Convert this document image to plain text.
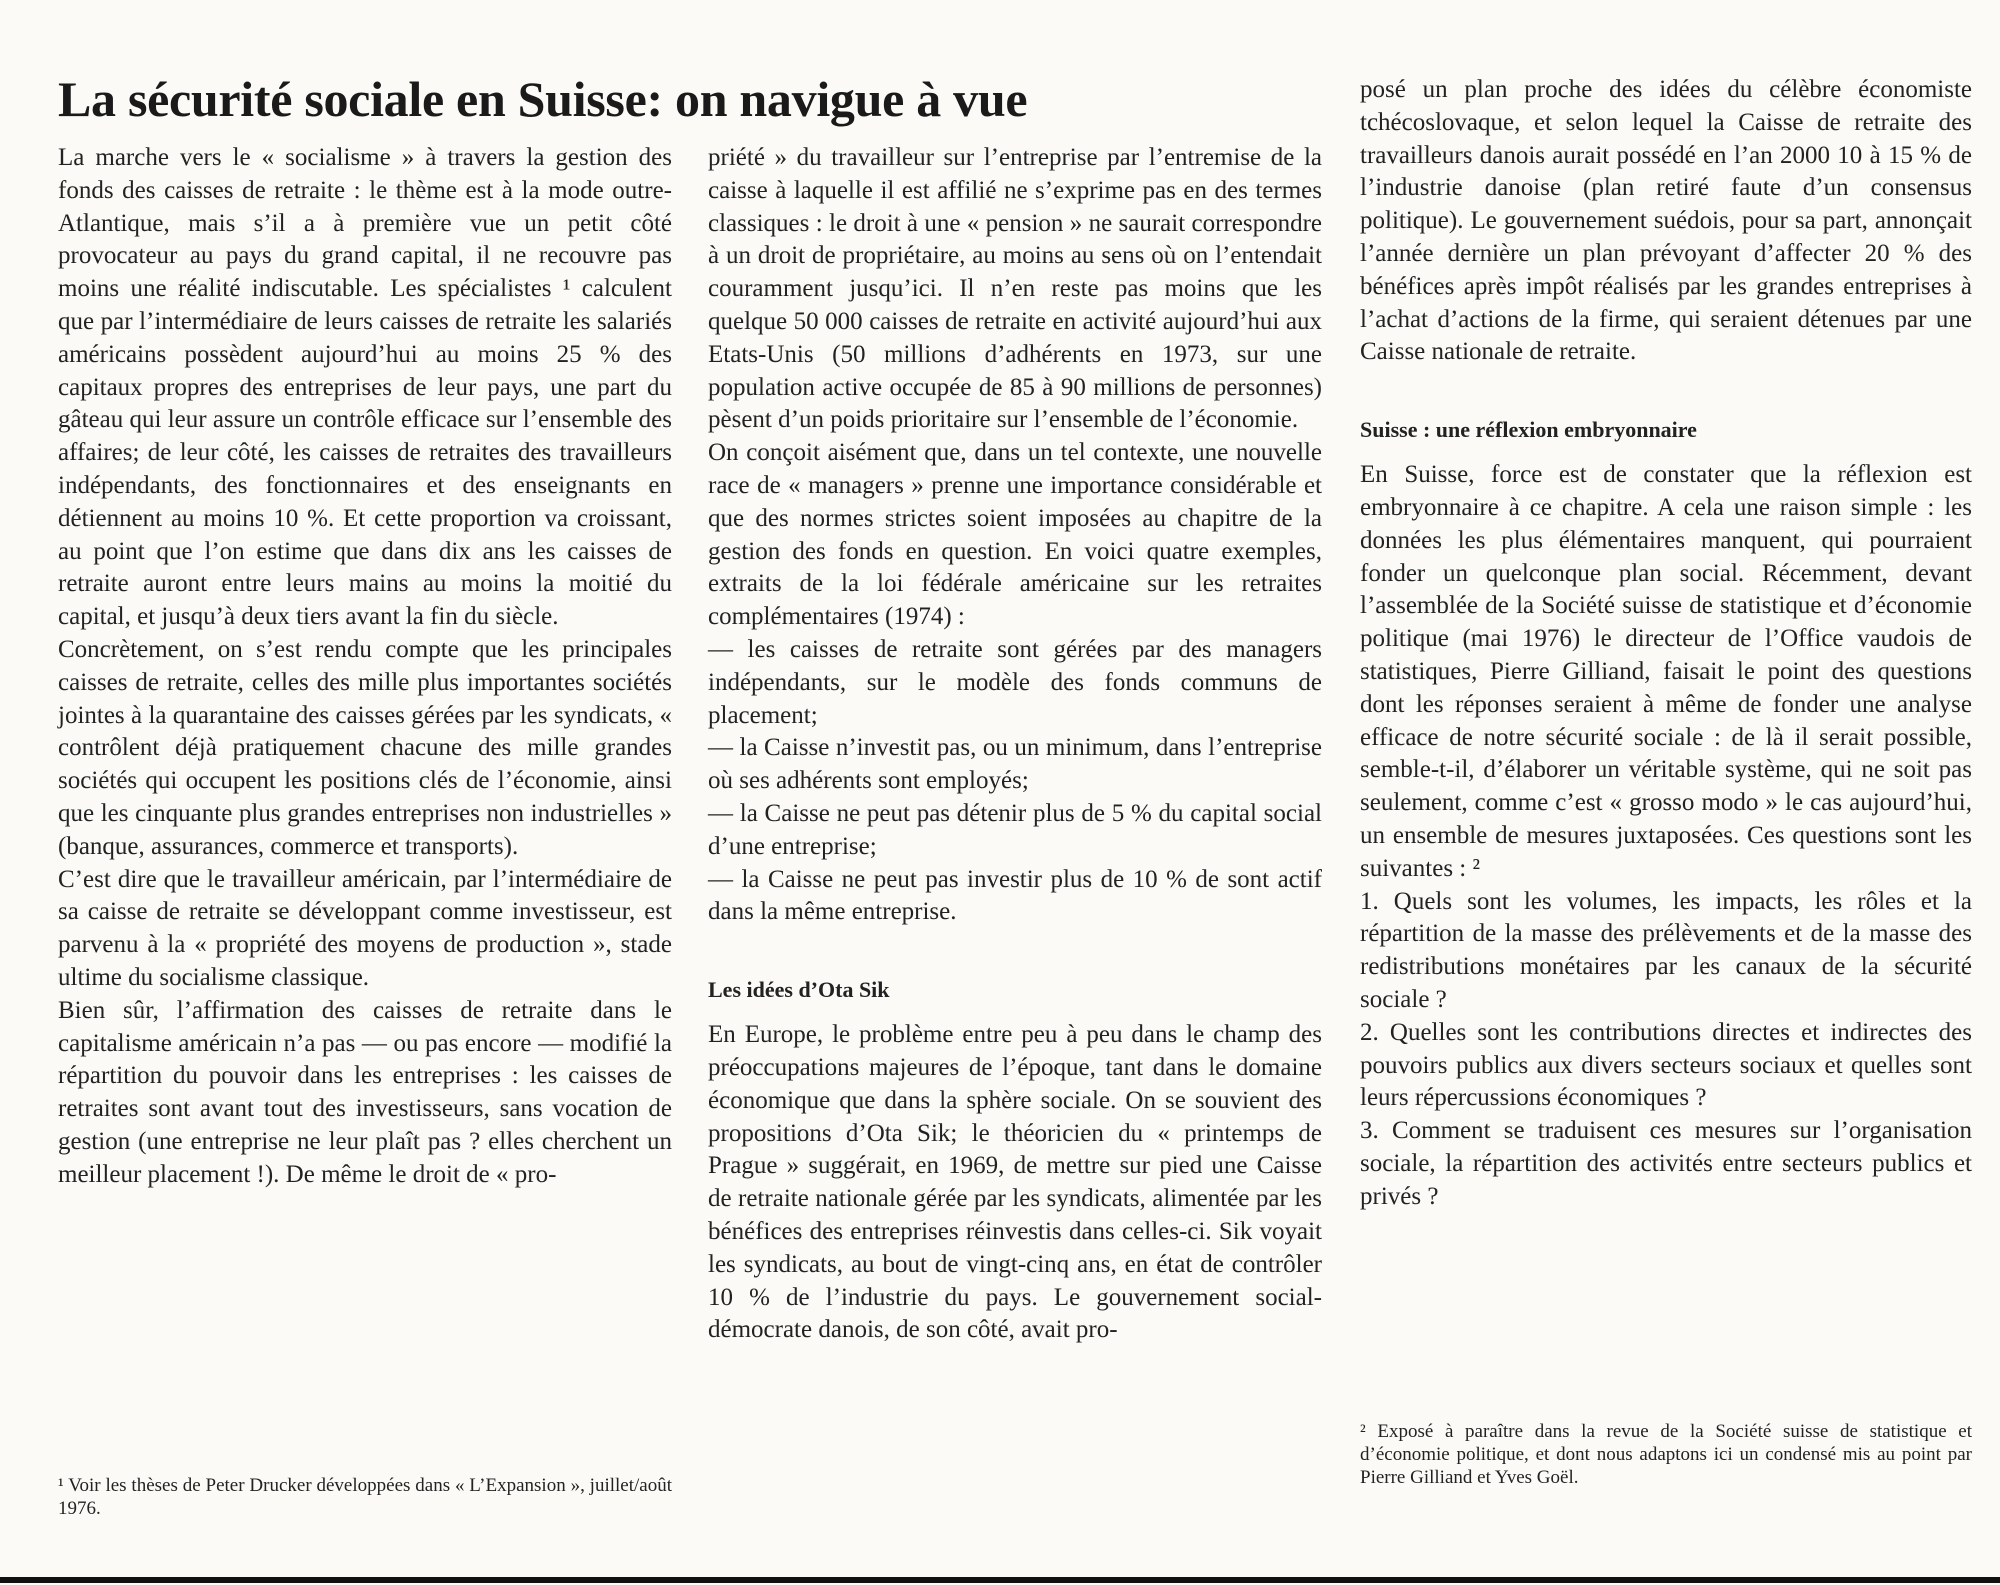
La sécurité sociale en Suisse: on navigue à vue

La marche vers le « socialisme » à travers la gestion des fonds des caisses de retraite : le thème est à la mode outre-Atlantique, mais s’il a à première vue un petit côté provocateur au pays du grand capital, il ne recouvre pas moins une réalité indiscutable. Les spécialistes ¹ calculent que par l’intermédiaire de leurs caisses de retraite les salariés américains possèdent aujourd’hui au moins 25 % des capitaux propres des entreprises de leur pays, une part du gâteau qui leur assure un contrôle efficace sur l’ensemble des affaires; de leur côté, les caisses de retraites des travailleurs indépendants, des fonctionnaires et des enseignants en détiennent au moins 10 %. Et cette proportion va croissant, au point que l’on estime que dans dix ans les caisses de retraite auront entre leurs mains au moins la moitié du capital, et jusqu’à deux tiers avant la fin du siècle.

Concrètement, on s’est rendu compte que les principales caisses de retraite, celles des mille plus importantes sociétés jointes à la quarantaine des caisses gérées par les syndicats, « contrôlent déjà pratiquement chacune des mille grandes sociétés qui occupent les positions clés de l’économie, ainsi que les cinquante plus grandes entreprises non industrielles » (banque, assurances, commerce et transports).

C’est dire que le travailleur américain, par l’intermédiaire de sa caisse de retraite se développant comme investisseur, est parvenu à la « propriété des moyens de production », stade ultime du socialisme classique.

Bien sûr, l’affirmation des caisses de retraite dans le capitalisme américain n’a pas — ou pas encore — modifié la répartition du pouvoir dans les entreprises : les caisses de retraites sont avant tout des investisseurs, sans vocation de gestion (une entreprise ne leur plaît pas ? elles cherchent un meilleur placement !). De même le droit de « pro-

priété » du travailleur sur l’entreprise par l’entremise de la caisse à laquelle il est affilié ne s’exprime pas en des termes classiques : le droit à une « pension » ne saurait correspondre à un droit de propriétaire, au moins au sens où on l’entendait couramment jusqu’ici. Il n’en reste pas moins que les quelque 50 000 caisses de retraite en activité aujourd’hui aux Etats-Unis (50 millions d’adhérents en 1973, sur une population active occupée de 85 à 90 millions de personnes) pèsent d’un poids prioritaire sur l’ensemble de l’économie.

On conçoit aisément que, dans un tel contexte, une nouvelle race de « managers » prenne une importance considérable et que des normes strictes soient imposées au chapitre de la gestion des fonds en question. En voici quatre exemples, extraits de la loi fédérale américaine sur les retraites complémentaires (1974) :

— les caisses de retraite sont gérées par des managers indépendants, sur le modèle des fonds communs de placement;

— la Caisse n’investit pas, ou un minimum, dans l’entreprise où ses adhérents sont employés;

— la Caisse ne peut pas détenir plus de 5 % du capital social d’une entreprise;

— la Caisse ne peut pas investir plus de 10 % de sont actif dans la même entreprise.

Les idées d’Ota Sik

En Europe, le problème entre peu à peu dans le champ des préoccupations majeures de l’époque, tant dans le domaine économique que dans la sphère sociale. On se souvient des propositions d’Ota Sik; le théoricien du « printemps de Prague » suggérait, en 1969, de mettre sur pied une Caisse de retraite nationale gérée par les syndicats, alimentée par les bénéfices des entreprises réinvestis dans celles-ci. Sik voyait les syndicats, au bout de vingt-cinq ans, en état de contrôler 10 % de l’industrie du pays. Le gouvernement social-démocrate danois, de son côté, avait pro-

posé un plan proche des idées du célèbre économiste tchécoslovaque, et selon lequel la Caisse de retraite des travailleurs danois aurait possédé en l’an 2000 10 à 15 % de l’industrie danoise (plan retiré faute d’un consensus politique). Le gouvernement suédois, pour sa part, annonçait l’année dernière un plan prévoyant d’affecter 20 % des bénéfices après impôt réalisés par les grandes entreprises à l’achat d’actions de la firme, qui seraient détenues par une Caisse nationale de retraite.

Suisse : une réflexion embryonnaire

En Suisse, force est de constater que la réflexion est embryonnaire à ce chapitre. A cela une raison simple : les données les plus élémentaires manquent, qui pourraient fonder un quelconque plan social. Récemment, devant l’assemblée de la Société suisse de statistique et d’économie politique (mai 1976) le directeur de l’Office vaudois de statistiques, Pierre Gilliand, faisait le point des questions dont les réponses seraient à même de fonder une analyse efficace de notre sécurité sociale : de là il serait possible, semble-t-il, d’élaborer un véritable système, qui ne soit pas seulement, comme c’est « grosso modo » le cas aujourd’hui, un ensemble de mesures juxtaposées. Ces questions sont les suivantes : ²

1. Quels sont les volumes, les impacts, les rôles et la répartition de la masse des prélèvements et de la masse des redistributions monétaires par les canaux de la sécurité sociale ?

2. Quelles sont les contributions directes et indirectes des pouvoirs publics aux divers secteurs sociaux et quelles sont leurs répercussions économiques ?

3. Comment se traduisent ces mesures sur l’organisation sociale, la répartition des activités entre secteurs publics et privés ?

¹ Voir les thèses de Peter Drucker développées dans « L’Expansion », juillet/août 1976.
² Exposé à paraître dans la revue de la Société suisse de statistique et d’économie politique, et dont nous adaptons ici un condensé mis au point par Pierre Gilliand et Yves Goël.
